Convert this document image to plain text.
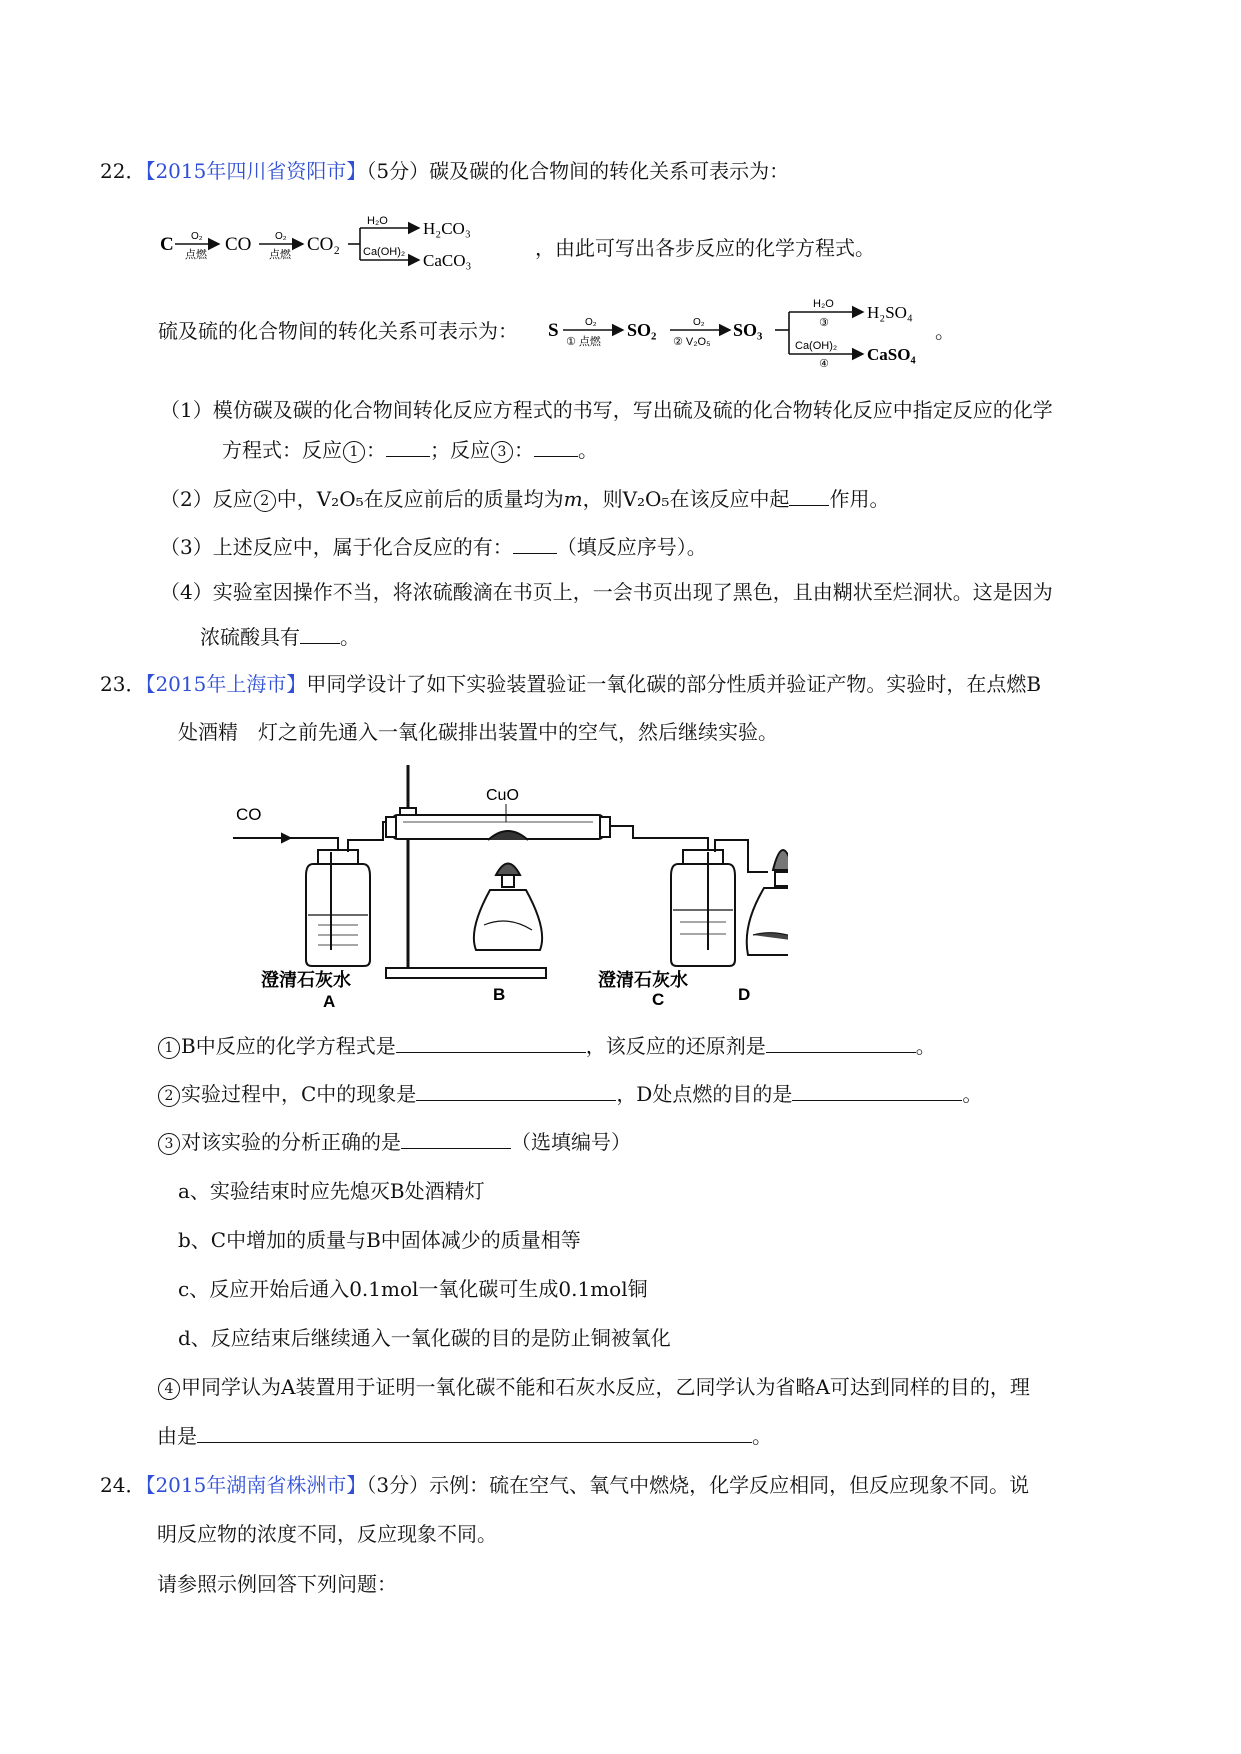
22．【2015年四川省资阳市】（5分）碳及碳的化合物间的转化关系可表示为：
C O₂
点燃 CO O₂
点燃 CO₂
H₂O
Ca(OH)₂
H₂CO₃
CaCO₃
，由此可写出各步反应的化学方程式。
硫及硫的化合物间的转化关系可表示为： S	O₂
① 点燃
SO₂	O₂
② V₂O₅
SO₃
H₂O
③
Ca(OH)₂
④
H₂SO₄
CaSO₄
。
（1）模仿碳及碳的化合物间转化反应方程式的书写，写出硫及硫的化合物转化反应中指定反应的化学
方程式：反应 1 ： ；反应 3 ： 。
（2）反应 2 中，V₂O₅在反应前后的质量均为m，则V₂O₅在该反应中起 作用。
（3）上述反应中，属于化合反应的有： （填反应序号）。
（4）实验室因操作不当，将浓硫酸滴在书页上，一会书页出现了黑色，且由糊状至烂洞状。这是因为
浓硫酸具有 。
23．【2015年上海市】甲同学设计了如下实验装置验证一氧化碳的部分性质并验证产物。实验时，在点燃B
处酒精　灯之前先通入一氧化碳排出装置中的空气，然后继续实验。
CO
CuO
澄清石灰水
A	B
澄清石灰水
C	D
1 B中反应的化学方程式是	，该反应的还原剂是	。
2 实验过程中，C中的现象是	，D处点燃的目的是	。
3 对该实验的分析正确的是	（选填编号）
a、实验结束时应先熄灭B处酒精灯
b、C中增加的质量与B中固体减少的质量相等
c、反应开始后通入0.1mol一氧化碳可生成0.1mol铜
d、反应结束后继续通入一氧化碳的目的是防止铜被氧化
4 甲同学认为A装置用于证明一氧化碳不能和石灰水反应，乙同学认为省略A可达到同样的目的，理
由是	。
24．【2015年湖南省株洲市】（3分）示例：硫在空气、氧气中燃烧，化学反应相同，但反应现象不同。说
明反应物的浓度不同，反应现象不同。
请参照示例回答下列问题：
